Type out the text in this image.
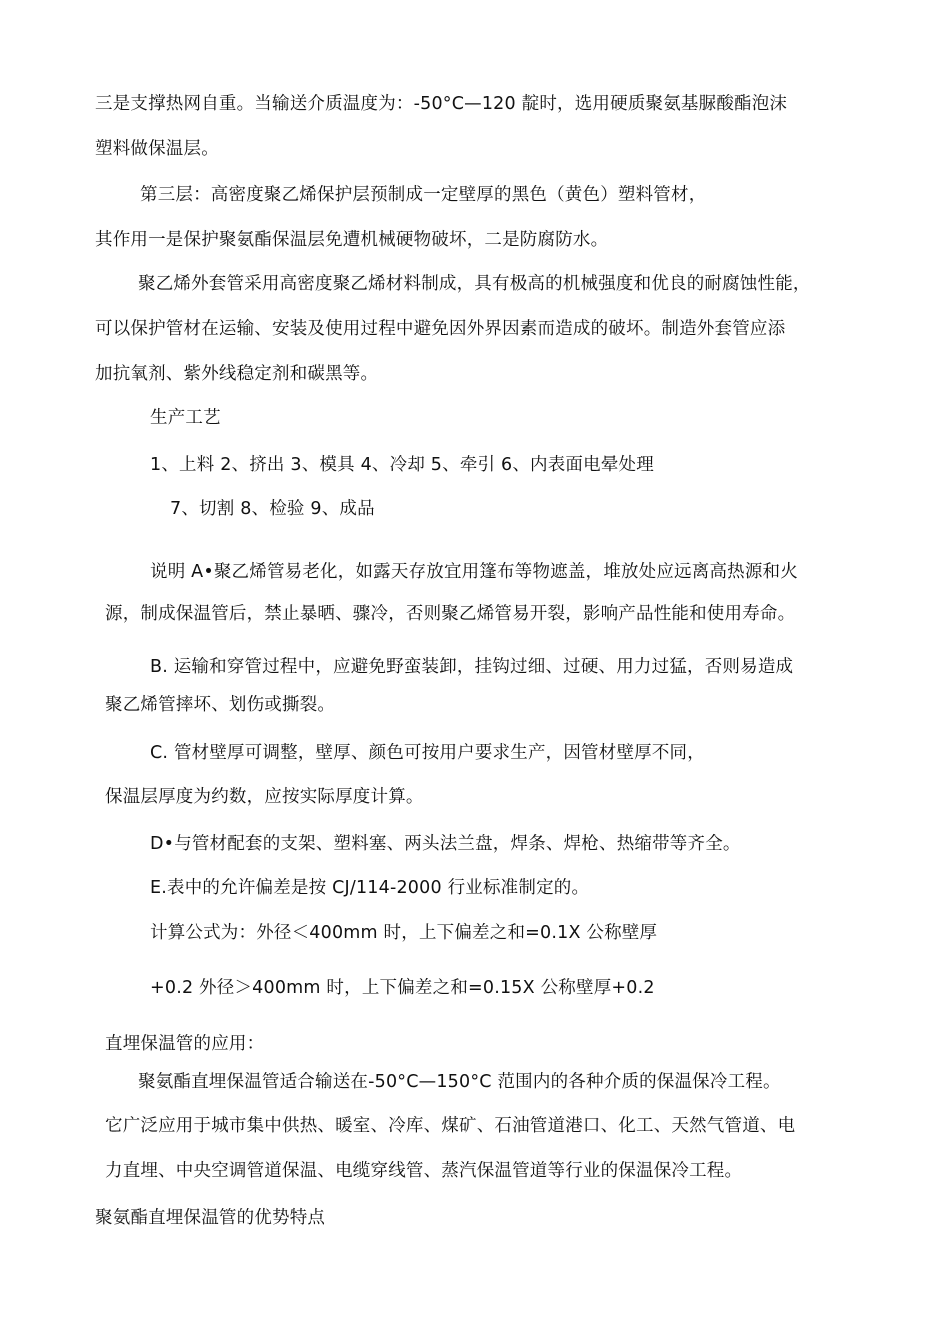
三是支撑热网自重。当输送介质温度为：-50°C—120 靛时，选用硬质聚氨基脲酸酯泡沫
塑料做保温层。
第三层：高密度聚乙烯保护层预制成一定壁厚的黑色（黄色）塑料管材，
其作用一是保护聚氨酯保温层免遭机械硬物破坏，二是防腐防水。
聚乙烯外套管采用高密度聚乙烯材料制成，具有极高的机械强度和优良的耐腐蚀性能，
可以保护管材在运输、安装及使用过程中避免因外界因素而造成的破坏。制造外套管应添
加抗氧剂、紫外线稳定剂和碳黑等。
生产工艺
1、上料 2、挤出 3、模具 4、冷却 5、牵引 6、内表面电晕处理
7、切割 8、检验 9、成品
说明 A•聚乙烯管易老化，如露天存放宜用篷布等物遮盖，堆放处应远离高热源和火
源，制成保温管后，禁止暴晒、骤冷，否则聚乙烯管易开裂，影响产品性能和使用寿命。
B. 运输和穿管过程中，应避免野蛮装卸，挂钩过细、过硬、用力过猛，否则易造成
聚乙烯管摔坏、划伤或撕裂。
C. 管材壁厚可调整，壁厚、颜色可按用户要求生产，因管材壁厚不同，
保温层厚度为约数，应按实际厚度计算。
D•与管材配套的支架、塑料塞、两头法兰盘，焊条、焊枪、热缩带等齐全。
E.表中的允许偏差是按 CJ/114-2000 行业标准制定的。
计算公式为：外径＜400mm 时，上下偏差之和=0.1X 公称壁厚
+0.2 外径＞400mm 时，上下偏差之和=0.15X 公称壁厚+0.2
直埋保温管的应用：
聚氨酯直埋保温管适合输送在-50°C—150°C 范围内的各种介质的保温保冷工程。
它广泛应用于城市集中供热、暖室、冷库、煤矿、石油管道港口、化工、天然气管道、电
力直埋、中央空调管道保温、电缆穿线管、蒸汽保温管道等行业的保温保冷工程。
聚氨酯直埋保温管的优势特点
